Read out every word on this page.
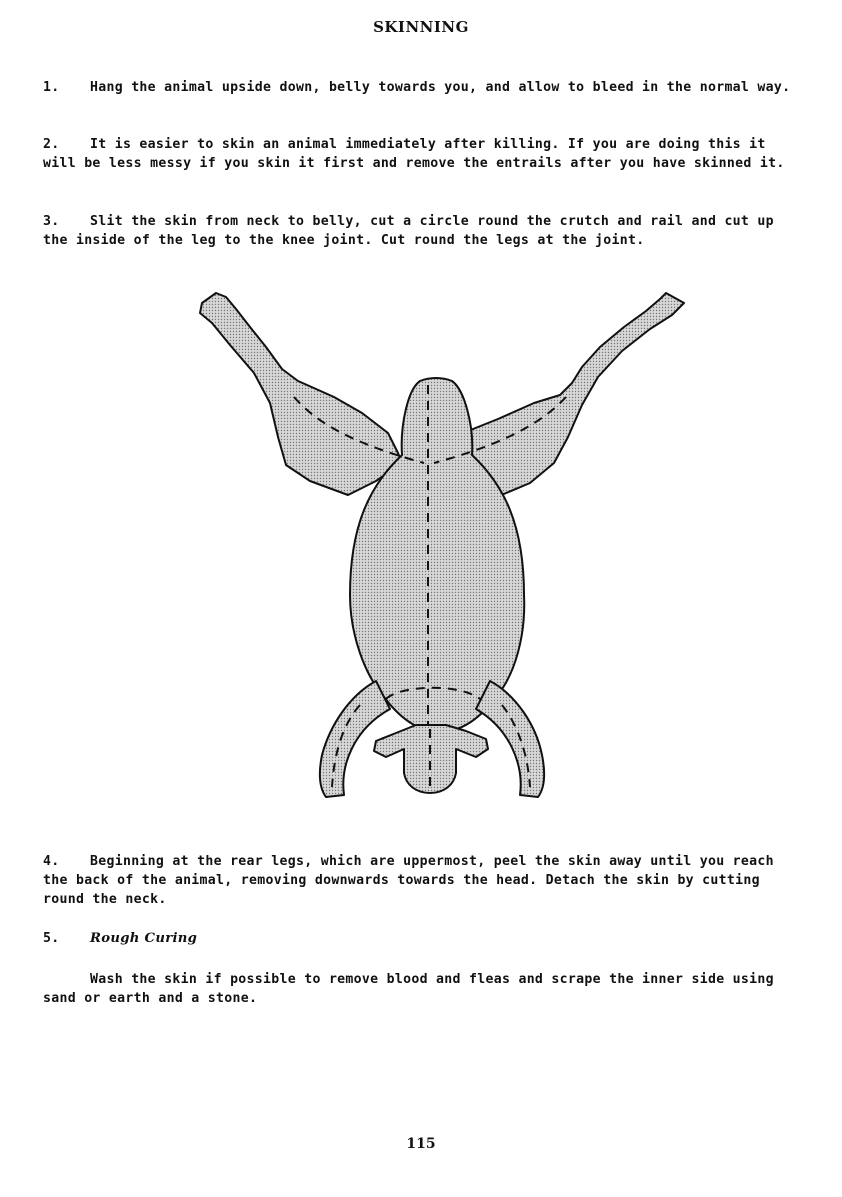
SKINNING
1. Hang the animal upside down, belly towards you, and allow to bleed in the normal way.
2. It is easier to skin an animal immediately after killing. If you are doing this it will be less messy if you skin it first and remove the entrails after you have skinned it.
3. Slit the skin from neck to belly, cut a circle round the crutch and rail and cut up the inside of the leg to the knee joint. Cut round the legs at the joint.
4. Beginning at the rear legs, which are uppermost, peel the skin away until you reach the back of the animal, removing downwards towards the head. Detach the skin by cutting round the neck.
5. Rough Curing
Wash the skin if possible to remove blood and fleas and scrape the inner side using sand or earth and a stone.
115
